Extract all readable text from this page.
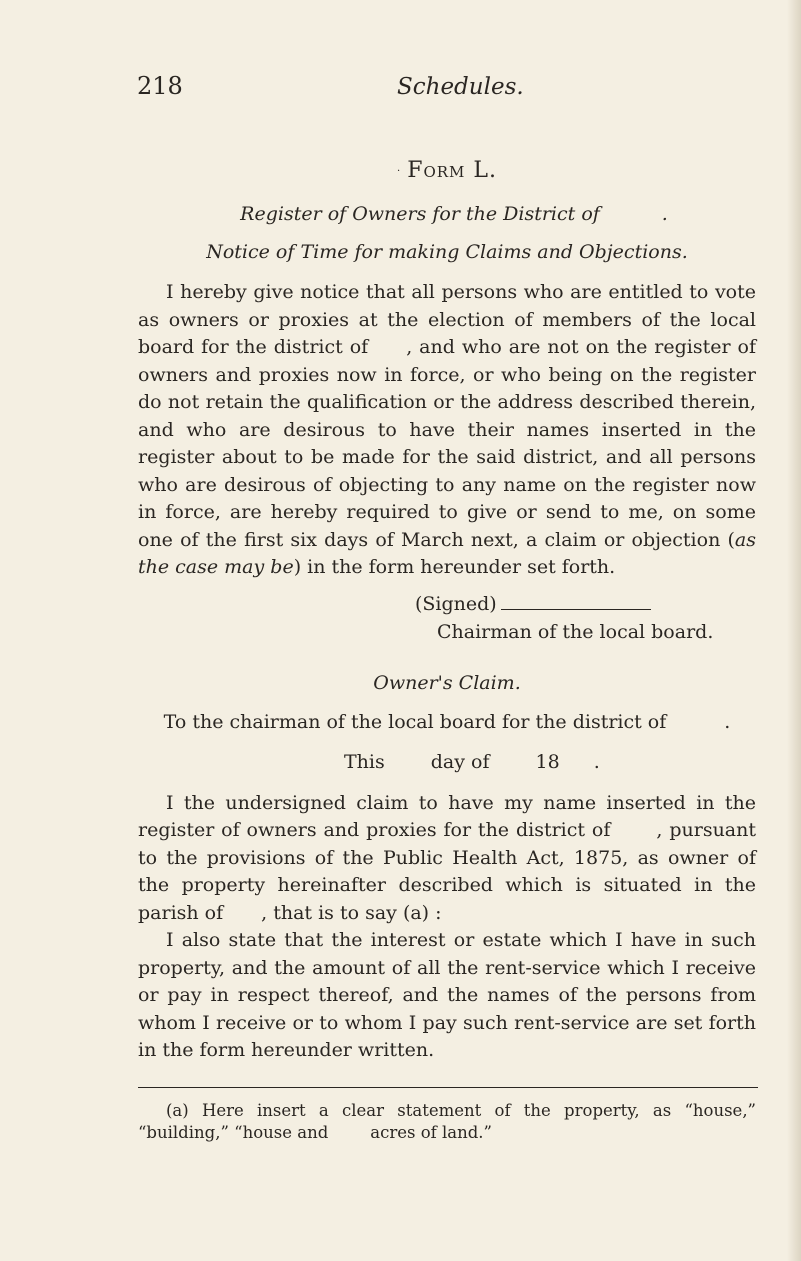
218	Schedules.

· Form L.

Register of Owners for the District of	.

Notice of Time for making Claims and Objections.

I hereby give notice that all persons who are entitled to vote as owners or proxies at the election of members of the local board for the district of , and who are not on the register of owners and proxies now in force, or who being on the register do not retain the qualification or the address described therein, and who are desirous to have their names inserted in the register about to be made for the said district, and all persons who are desirous of objecting to any name on the register now in force, are hereby required to give or send to me, on some one of the first six days of March next, a claim or objection (as the case may be) in the form hereunder set forth.

(Signed)
Chairman of the local board.

Owner's Claim.

To the chairman of the local board for the district of	.

This day of 18 .

I the undersigned claim to have my name inserted in the register of owners and proxies for the district of , pursuant to the provisions of the Public Health Act, 1875, as owner of the property hereinafter described which is situated in the parish of , that is to say (a) :

I also state that the interest or estate which I have in such property, and the amount of all the rent-service which I receive or pay in respect thereof, and the names of the persons from whom I receive or to whom I pay such rent-service are set forth in the form hereunder written.

(a) Here insert a clear statement of the property, as “house,” “building,” “house and	acres of land.”
